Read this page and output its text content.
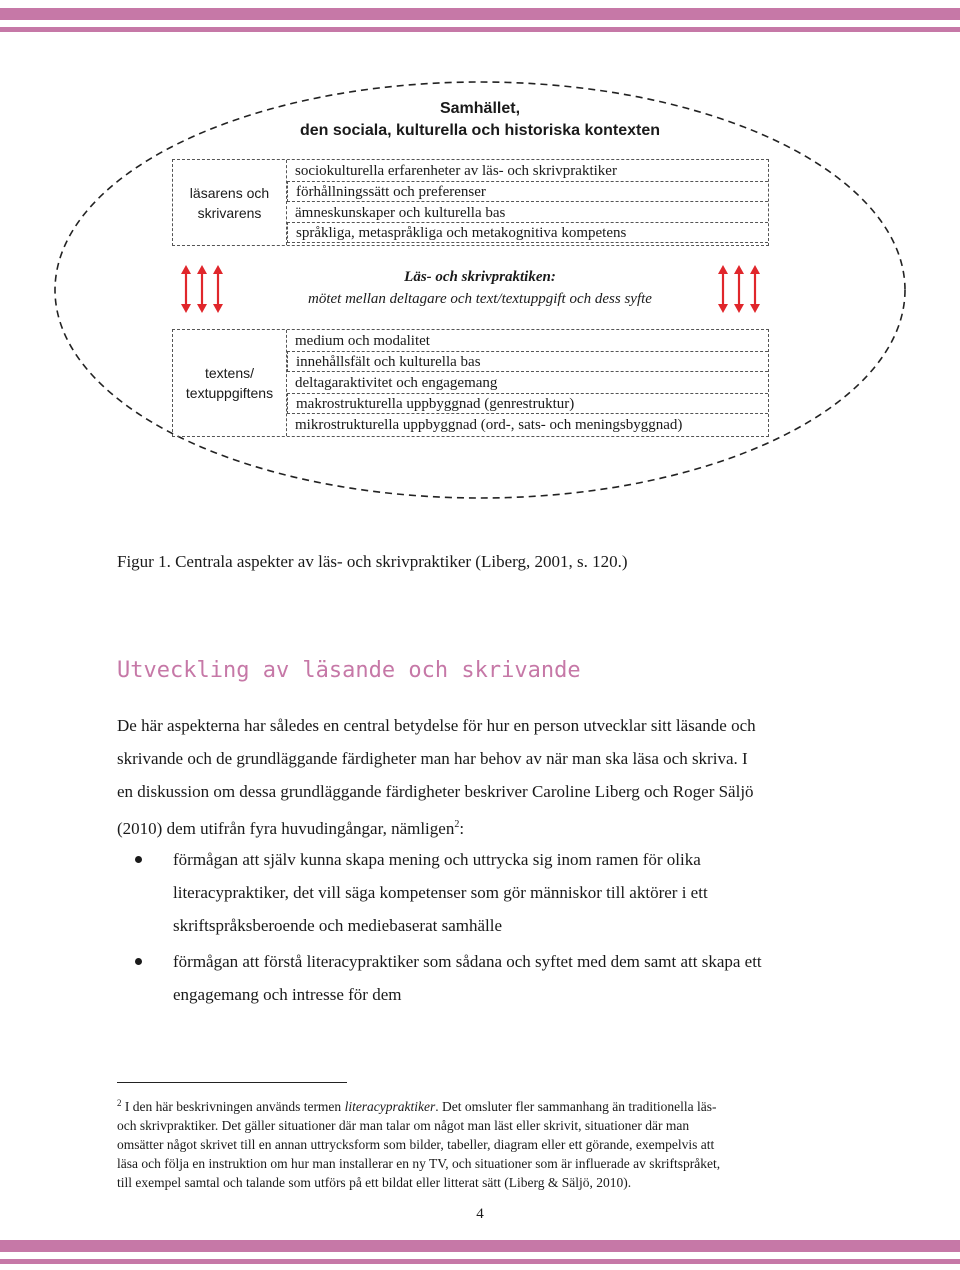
Samhället,
den sociala, kulturella och historiska kontexten
läsarens och
skrivarens
sociokulturella erfarenheter av läs- och skrivpraktiker
förhållningssätt och preferenser
ämneskunskaper och kulturella bas
språkliga, metaspråkliga och metakognitiva kompetens
Läs- och skrivpraktiken:
mötet mellan deltagare och text/textuppgift och dess syfte
textens/
textuppgiftens
medium och modalitet
innehållsfält och kulturella bas
deltagaraktivitet och engagemang
makrostrukturella uppbyggnad (genrestruktur)
mikrostrukturella uppbyggnad (ord-, sats- och meningsbyggnad)
Figur 1. Centrala aspekter av läs- och skrivpraktiker (Liberg, 2001, s. 120.)
Utveckling av läsande och skrivande
De här aspekterna har således en central betydelse för hur en person utvecklar sitt läsande och
skrivande och de grundläggande färdigheter man har behov av när man ska läsa och skriva. I
en diskussion om dessa grundläggande färdigheter beskriver Caroline Liberg och Roger Säljö
(2010) dem utifrån fyra huvudingångar, nämligen$^2$:
förmågan att själv kunna skapa mening och uttrycka sig inom ramen för olika
literacypraktiker, det vill säga kompetenser som gör människor till aktörer i ett
skriftspråksberoende och mediebaserat samhälle
förmågan att förstå literacypraktiker som sådana och syftet med dem samt att skapa ett
engagemang och intresse för dem
$^2$ I den här beskrivningen används termen literacypraktiker. Det omsluter fler sammanhang än traditionella läs-
och skrivpraktiker. Det gäller situationer där man talar om något man läst eller skrivit, situationer där man
omsätter något skrivet till en annan uttrycksform som bilder, tabeller, diagram eller ett görande, exempelvis att
läsa och följa en instruktion om hur man installerar en ny TV, och situationer som är influerade av skriftspråket,
till exempel samtal och talande som utförs på ett bildat eller litterat sätt (Liberg & Säljö, 2010).
4
